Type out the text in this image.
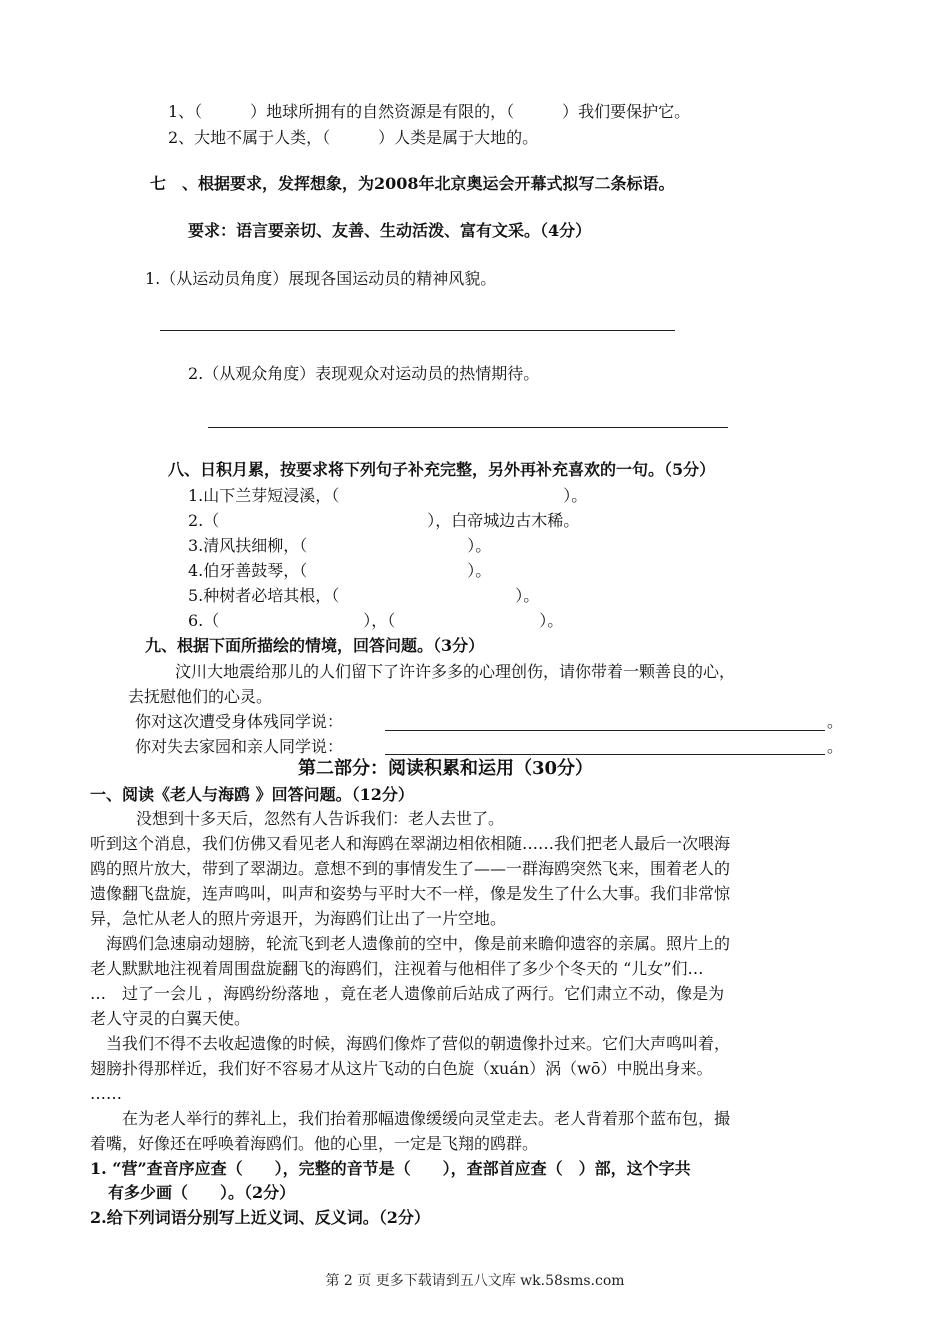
1、（　　　）地球所拥有的自然资源是有限的，（　　　）我们要保护它。
2、大地不属于人类，（　　　）人类是属于大地的。
七　、根据要求，发挥想象，为2008年北京奥运会开幕式拟写二条标语。
要求：语言要亲切、友善、生动活泼、富有文采。（4分）
1.（从运动员角度）展现各国运动员的精神风貌。
2.（从观众角度）表现观众对运动员的热情期待。
八、日积月累，按要求将下列句子补充完整，另外再补充喜欢的一句。（5分）
1.山下兰芽短浸溪，（　　　　　　　　　　　　　　）。
2.（　　　　　　　　　　　　　），白帝城边古木稀。
3.清风扶细柳，（　　　　　　　　　　）。
4.伯牙善鼓琴，（　　　　　　　　　　）。
5.种树者必培其根，（　　　　　　　　　　　）。
6.（　　　　　　　　　），（　　　　　　　　　）。
九、根据下面所描绘的情境，回答问题。（3分）
汶川大地震给那儿的人们留下了许许多多的心理创伤，请你带着一颗善良的心，
去抚慰他们的心灵。
你对这次遭受身体残同学说：	。
你对失去家园和亲人同学说：	。
第二部分：阅读积累和运用（30分）
一、阅读《老人与海鸥 》回答问题。（12分）
　没想到十多天后，忽然有人告诉我们：老人去世了。
听到这个消息，我们仿佛又看见老人和海鸥在翠湖边相依相随……我们把老人最后一次喂海
鸥的照片放大，带到了翠湖边。意想不到的事情发生了——一群海鸥突然飞来，围着老人的
遗像翻飞盘旋，连声鸣叫，叫声和姿势与平时大不一样，像是发生了什么大事。我们非常惊
异，急忙从老人的照片旁退开，为海鸥们让出了一片空地。
　海鸥们急速扇动翅膀，轮流飞到老人遗像前的空中，像是前来瞻仰遗容的亲属。照片上的
老人默默地注视着周围盘旋翻飞的海鸥们，注视着与他相伴了多少个冬天的 “儿女”们…
…　过了一会儿 ，海鸥纷纷落地 ，竟在老人遗像前后站成了两行。它们肃立不动，像是为
老人守灵的白翼天使。
　当我们不得不去收起遗像的时候，海鸥们像炸了营似的朝遗像扑过来。它们大声鸣叫着，
翅膀扑得那样近，我们好不容易才从这片飞动的白色旋（xuán）涡（wō）中脱出身来。
……
　　在为老人举行的葬礼上，我们抬着那幅遗像缓缓向灵堂走去。老人背着那个蓝布包，撮
着嘴，好像还在呼唤着海鸥们。他的心里，一定是飞翔的鸥群。
1. “营”查音序应查（　　），完整的音节是（　　），查部首应查（　）部，这个字共
有多少画（　　）。（2分）
2.给下列词语分别写上近义词、反义词。（2分）
第 2 页 更多下载请到五八文库 wk.58sms.com
